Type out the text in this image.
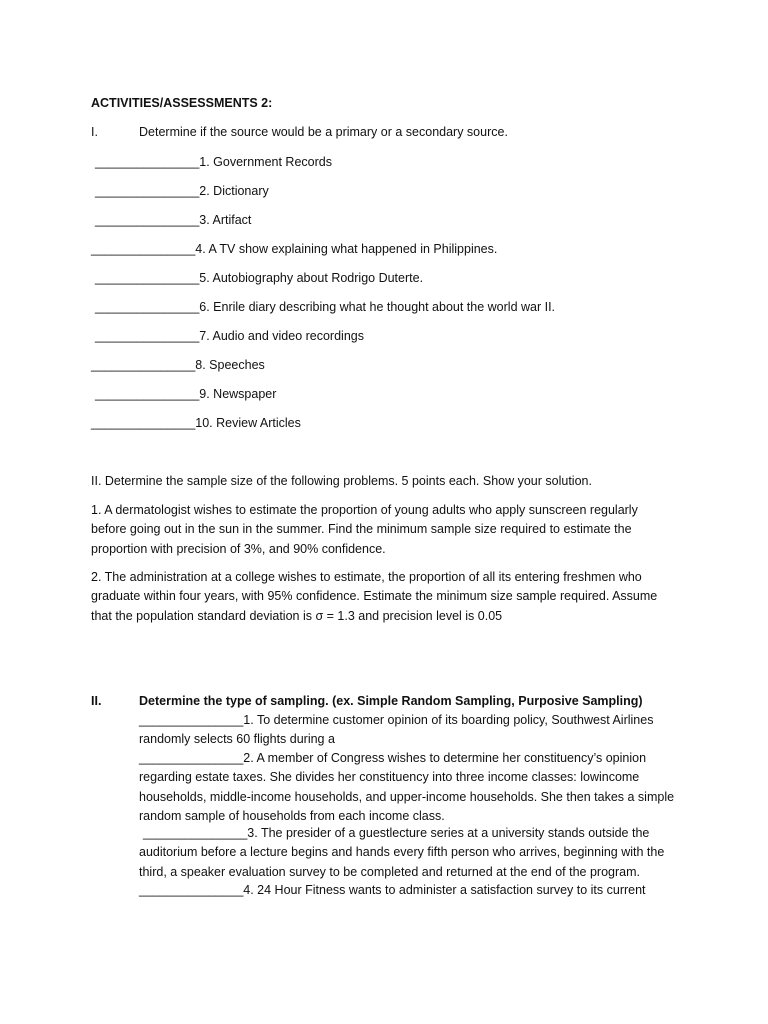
ACTIVITIES/ASSESSMENTS 2:
I.	Determine if the source would be a primary or a secondary source.
_______________1. Government Records
_______________2. Dictionary
_______________3. Artifact
_______________4. A TV show explaining what happened in Philippines.
_______________5. Autobiography about Rodrigo Duterte.
_______________6. Enrile diary describing what he thought about the world war II.
_______________7. Audio and video recordings
_______________8. Speeches
_______________9. Newspaper
_______________10. Review Articles
II. Determine the sample size of the following problems. 5 points each. Show your solution.
1. A dermatologist wishes to estimate the proportion of young adults who apply sunscreen regularly before going out in the sun in the summer. Find the minimum sample size required to estimate the proportion with precision of 3%, and 90% confidence.
2. The administration at a college wishes to estimate, the proportion of all its entering freshmen who graduate within four years, with 95% confidence. Estimate the minimum size sample required. Assume that the population standard deviation is σ = 1.3 and precision level is 0.05
II.	Determine the type of sampling. (ex. Simple Random Sampling, Purposive Sampling)
_______________1. To determine customer opinion of its boarding policy, Southwest Airlines randomly selects 60 flights during a
_______________2. A member of Congress wishes to determine her constituency’s opinion regarding estate taxes. She divides her constituency into three income classes: lowincome households, middle-income households, and upper-income households. She then takes a simple random sample of households from each income class.
_______________3. The presider of a guestlecture series at a university stands outside the auditorium before a lecture begins and hands every fifth person who arrives, beginning with the third, a speaker evaluation survey to be completed and returned at the end of the program.
_______________4. 24 Hour Fitness wants to administer a satisfaction survey to its current
